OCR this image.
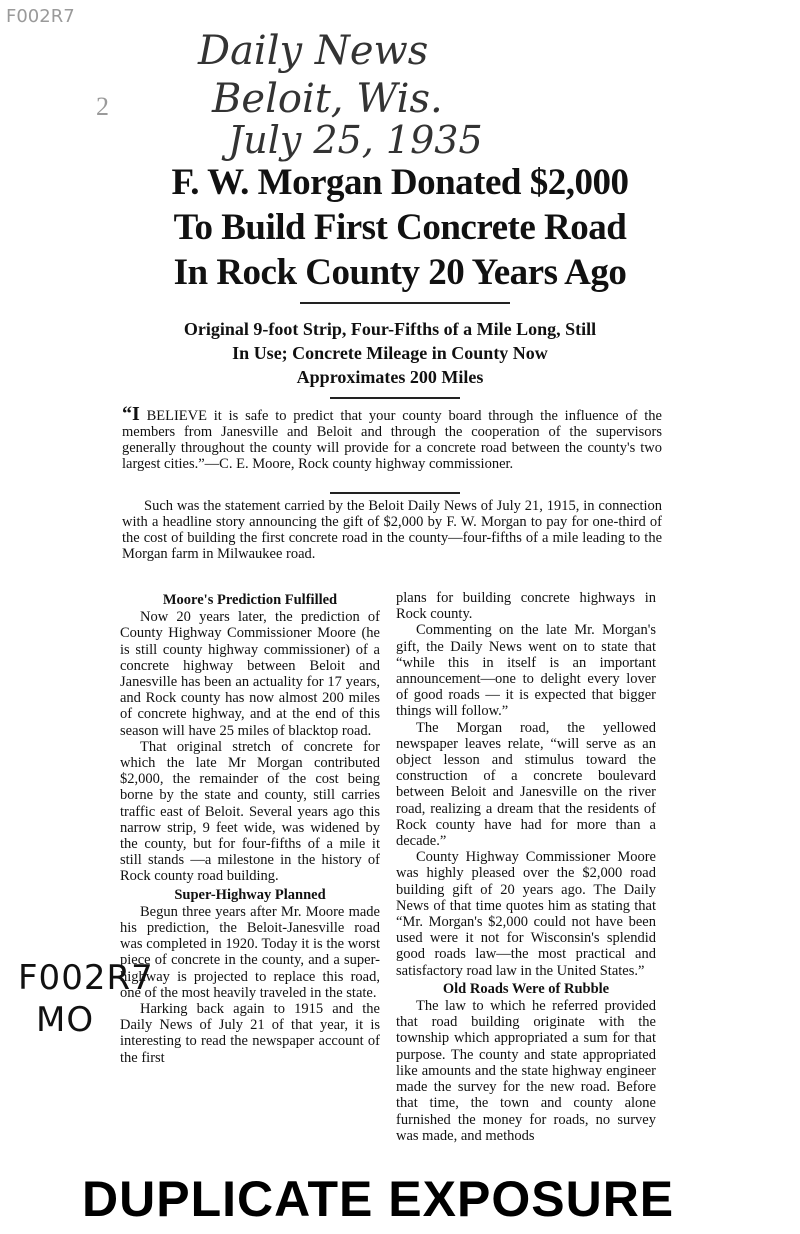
F002R7
2
Daily News
Beloit, Wis.
July 25, 1935
F. W. Morgan Donated $2,000
To Build First Concrete Road
In Rock County 20 Years Ago
Original 9-foot Strip, Four-Fifths of a Mile Long, Still
In Use; Concrete Mileage in County Now
Approximates 200 Miles
“I BELIEVE it is safe to predict that your county board through the influence of the members from Janesville and Beloit and through the cooperation of the supervisors generally throughout the county will provide for a concrete road between the county's two largest cities.”—C. E. Moore, Rock county highway commissioner.
Such was the statement carried by the Beloit Daily News of July 21, 1915, in connection with a headline story announcing the gift of $2,000 by F. W. Morgan to pay for one-third of the cost of building the first concrete road in the county—four-fifths of a mile leading to the Morgan farm in Milwaukee road.
Moore's Prediction Fulfilled

Now 20 years later, the prediction of County Highway Commissioner Moore (he is still county highway commissioner) of a concrete highway between Beloit and Janesville has been an actuality for 17 years, and Rock county has now almost 200 miles of concrete highway, and at the end of this season will have 25 miles of blacktop road.

That original stretch of concrete for which the late Mr Morgan contributed $2,000, the remainder of the cost being borne by the state and county, still carries traffic east of Beloit. Several years ago this narrow strip, 9 feet wide, was widened by the county, but for four-fifths of a mile it still stands —a milestone in the history of Rock county road building.

Super-Highway Planned

Begun three years after Mr. Moore made his prediction, the Beloit-Janesville road was completed in 1920. Today it is the worst piece of concrete in the county, and a super-highway is projected to replace this road, one of the most heavily traveled in the state.

Harking back again to 1915 and the Daily News of July 21 of that year, it is interesting to read the newspaper account of the first

plans for building concrete highways in Rock county.

Commenting on the late Mr. Morgan's gift, the Daily News went on to state that “while this in itself is an important announcement—one to delight every lover of good roads — it is expected that bigger things will follow.”

The Morgan road, the yellowed newspaper leaves relate, “will serve as an object lesson and stimulus toward the construction of a concrete boulevard between Beloit and Janesville on the river road, realizing a dream that the residents of Rock county have had for more than a decade.”

County Highway Commissioner Moore was highly pleased over the $2,000 road building gift of 20 years ago. The Daily News of that time quotes him as stating that “Mr. Morgan's $2,000 could not have been used were it not for Wisconsin's splendid good roads law—the most practical and satisfactory road law in the United States.”

Old Roads Were of Rubble

The law to which he referred provided that road building originate with the township which appropriated a sum for that purpose. The county and state appropriated like amounts and the state highway engineer made the survey for the new road. Before that time, the town and county alone furnished the money for roads, no survey was made, and methods

F002R7
MO
DUPLICATE EXPOSURE
